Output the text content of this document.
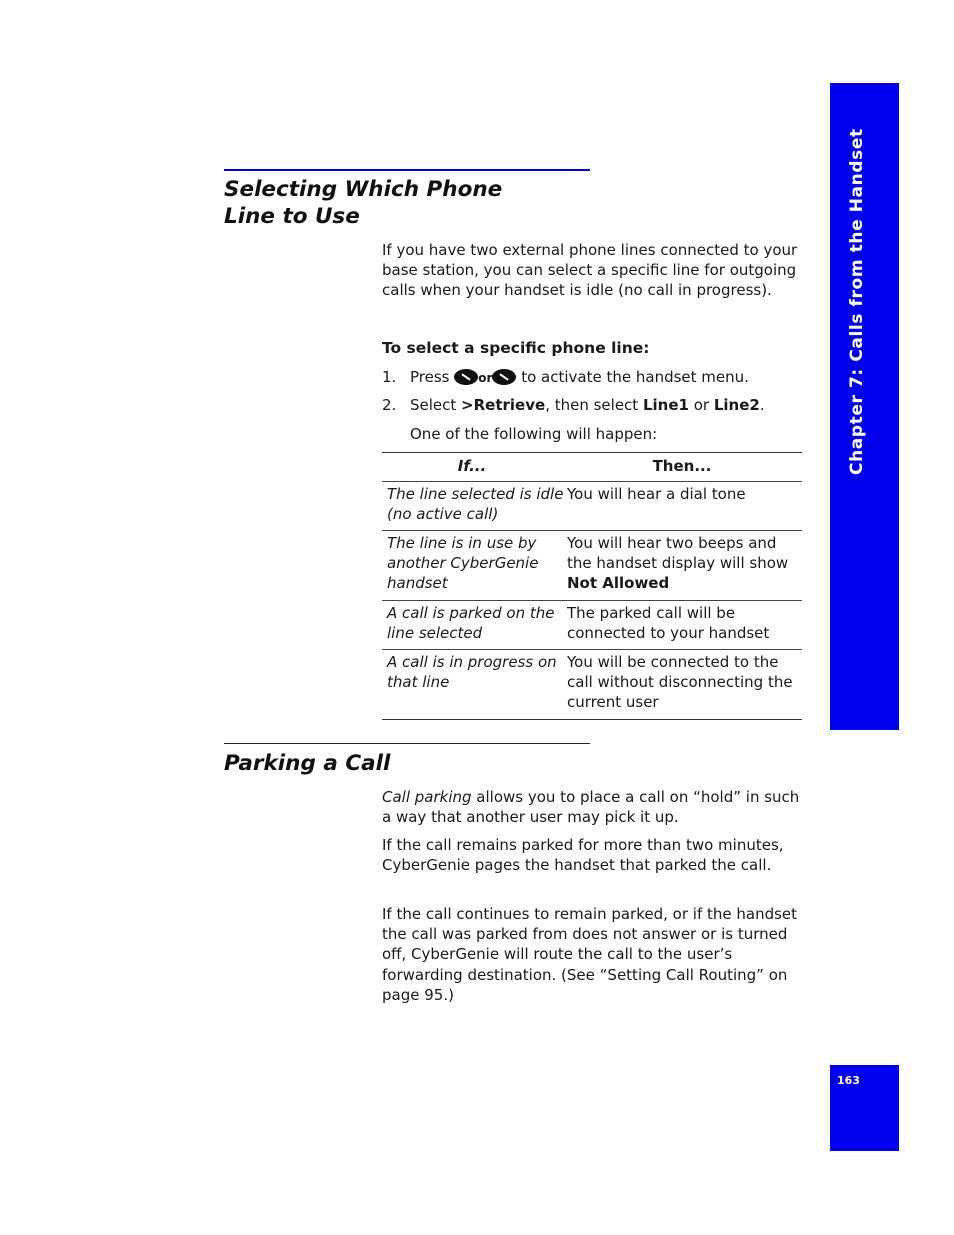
Chapter 7: Calls from the Handset
163
Selecting Which Phone
Line to Use

If you have two external phone lines connected to your base station, you can select a specific line for outgoing calls when your handset is idle (no call in progress).

To select a specific phone line:

1. Press or to activate the handset menu.
2. Select >Retrieve, then select Line1 or Line2.
One of the following will happen:
If...	Then...
The line selected is idle (no active call)
You will hear a dial tone
The line is in use by another CyberGenie handset
You will hear two beeps and the handset display will show
Not Allowed
A call is parked on the line selected
The parked call will be connected to your handset
A call is in progress on that line
You will be connected to the call without disconnecting the current user
Parking a Call

Call parking allows you to place a call on “hold” in such a way that another user may pick it up.

If the call remains parked for more than two minutes, CyberGenie pages the handset that parked the call.

If the call continues to remain parked, or if the handset the call was parked from does not answer or is turned off, CyberGenie will route the call to the user’s forwarding destination. (See “Setting Call Routing” on page 95.)
